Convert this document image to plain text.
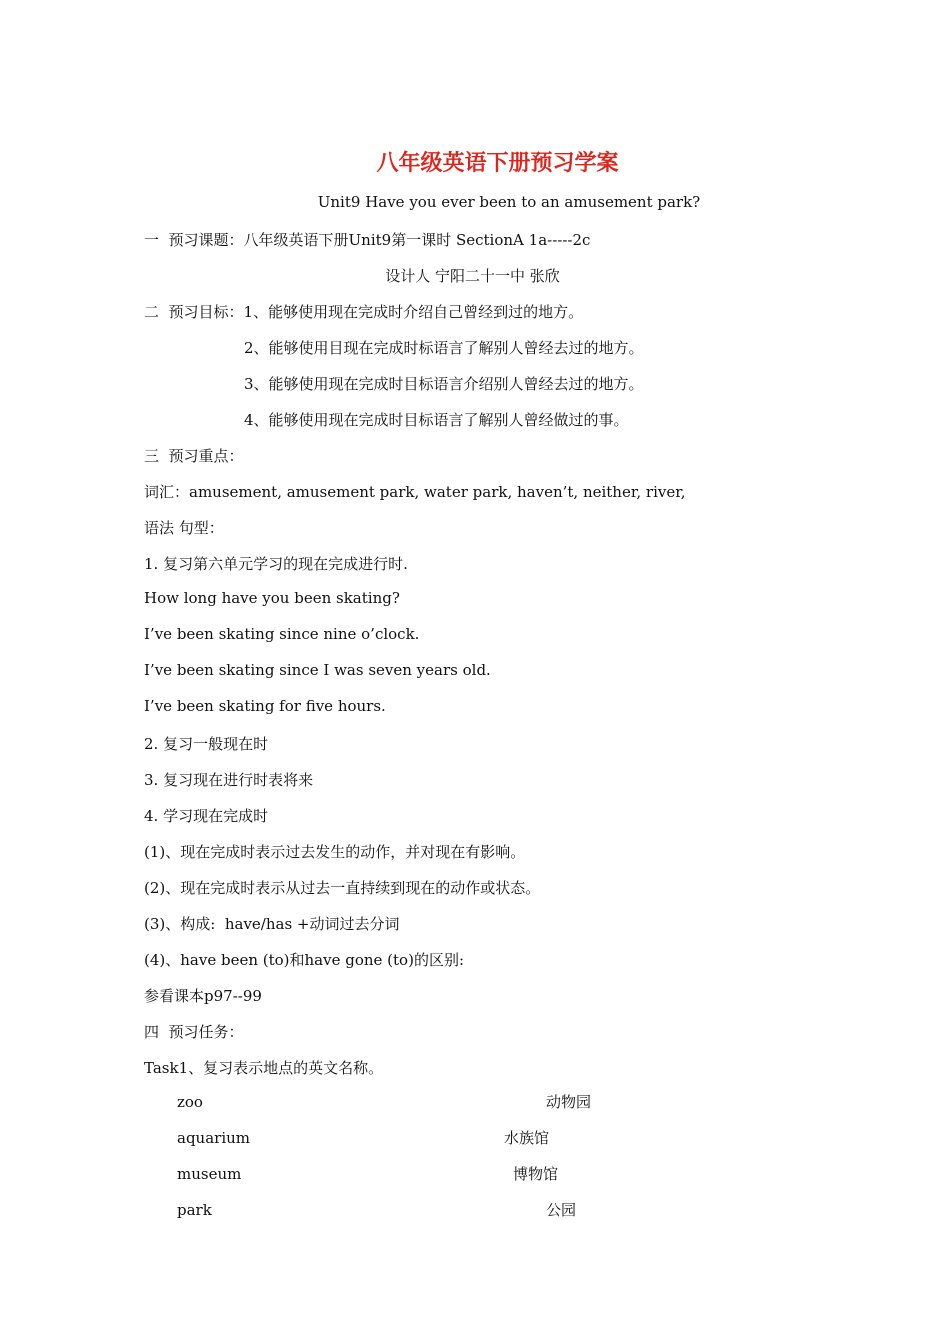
八年级英语下册预习学案
Unit9 Have you ever been to an amusement park?
一  预习课题：八年级英语下册Unit9第一课时 SectionA 1a-----2c
设计人 宁阳二十一中 张欣
二  预习目标：1、能够使用现在完成时介绍自己曾经到过的地方。
2、能够使用目现在完成时标语言了解别人曾经去过的地方。
3、能够使用现在完成时目标语言介绍别人曾经去过的地方。
4、能够使用现在完成时目标语言了解别人曾经做过的事。
三  预习重点：
词汇：amusement, amusement park, water park, haven’t, neither, river,
语法 句型：
1. 复习第六单元学习的现在完成进行时.
How long have you been skating?
I’ve been skating since nine o’clock.
I’ve been skating since I was seven years old.
I’ve been skating for five hours.
2. 复习一般现在时
3. 复习现在进行时表将来
4. 学习现在完成时
(1)、现在完成时表示过去发生的动作，并对现在有影响。
(2)、现在完成时表示从过去一直持续到现在的动作或状态。
(3)、构成:  have/has +动词过去分词
(4)、have been (to)和have gone (to)的区别:
参看课本p97--99
四  预习任务：
Task1、复习表示地点的英文名称。
zoo	动物园
aquarium	水族馆
museum	博物馆
park	公园
